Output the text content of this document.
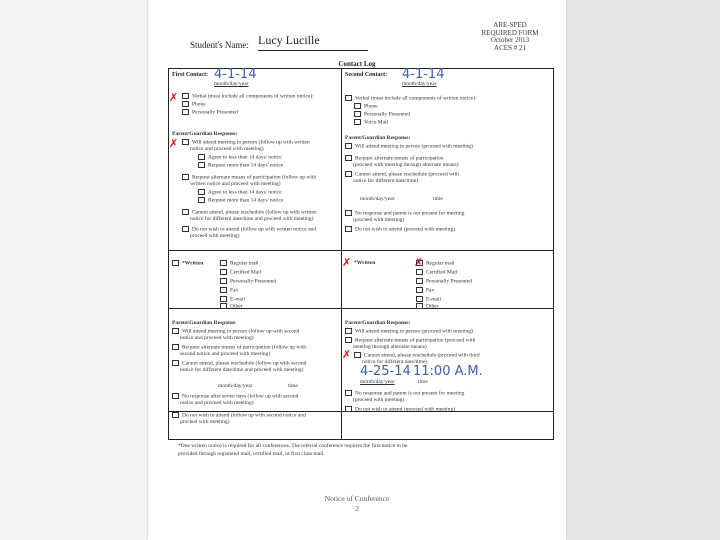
ARE-SPED
REQUIRED FORM
October 2013
ACES # 21
Student's Name: Lucy Lucille
Contact Log
First Contact: 4-1-14
month/day/year
✗	Verbal (must include all components of written notice):
Phone
Personally Presented
Parent/Guardian Response:
✗	Will attend meeting in person (follow up with written
notice and proceed with meeting)
Agree to less than 14 days' notice
Request more than 14 days' notice
Request alternate means of participation (follow up with
written notice and proceed with meeting)
Agree to less than 14 days' notice
Request more than 14 days' notice
Cannot attend, please reschedule (follow up with written
notice for different date/time and proceed with meeting)
Do not wish to attend (follow up with written notice and
proceed with meeting)
Second Contact: 4-1-14
month/day/year
Verbal (must include all components of written notice):
Phone
Personally Presented
Voice Mail
Parent/Guardian Response:
Will attend meeting in person (proceed with meeting)
Request alternate means of participation
(proceed with meeting through alternate means)
Cannot attend, please reschedule (proceed with
notice for different date/time)
month/day/year	time
No response and parent is not present for meeting
(proceed with meeting)
Do not wish to attend (proceed with meeting)
*Written	Regular mail
Certified Mail
Personally Presented
Fax
E-mail
Other
✗ *Written	✗ Regular mail
Certified Mail
Personally Presented
Fax
E-mail
Other
Parent/Guardian Response
Will attend meeting in person (follow up with second
notice and proceed with meeting)
Request alternate means of participation (follow up with
second notice and proceed with meeting)
Cannot attend, please reschedule (follow up with second
notice for different date/time and proceed with meeting)
month/day/year	time
No response after seven days (follow up with second
notice and proceed with meeting)
Do not wish to attend (follow up with second notice and
proceed with meeting)
Parent/Guardian Response:
Will attend meeting in person (proceed with meeting)
Request alternate means of participation (proceed with
meeting through alternate means)
✗	Cannot attend, please reschedule (proceed with third
notice for different date/time)
4-25-14 11:00 A.M.
month/day/year	time
No response and parent is not present for meeting
(proceed with meeting)
Do not wish to attend (proceed with meeting)
*One written notice is required for all conferences. The referral conference requires the first notice to be
provided through registered mail, certified mail, or first class mail.
Notice of Conference
2
